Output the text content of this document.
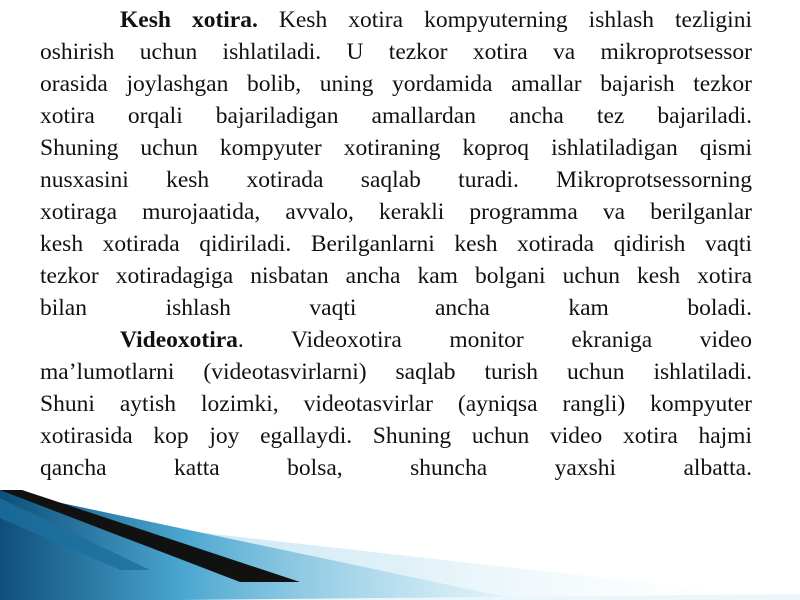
Kesh xotira. Kesh xotira kompyuterning ishlash tezligini
oshirish uchun ishlatiladi. U tezkor xotira va mikroprotsessor
orasida joylashgan bolib, uning yordamida amallar bajarish tezkor
xotira orqali bajariladigan amallardan ancha tez bajariladi.
Shuning uchun kompyuter xotiraning koproq ishlatiladigan qismi
nusxasini kesh xotirada saqlab turadi. Mikroprotsessorning
xotiraga murojaatida, avvalo, kerakli programma va berilganlar
kesh xotirada qidiriladi. Berilganlarni kesh xotirada qidirish vaqti
tezkor xotiradagiga nisbatan ancha kam bolgani uchun kesh xotira
bilan ishlash vaqti ancha kam boladi.
Videoxotira. Videoxotira monitor ekraniga video
ma’lumotlarni (videotasvirlarni) saqlab turish uchun ishlatiladi.
Shuni aytish lozimki, videotasvirlar (ayniqsa rangli) kompyuter
xotirasida kop joy egallaydi. Shuning uchun video xotira hajmi
qancha katta bolsa, shuncha yaxshi albatta.
